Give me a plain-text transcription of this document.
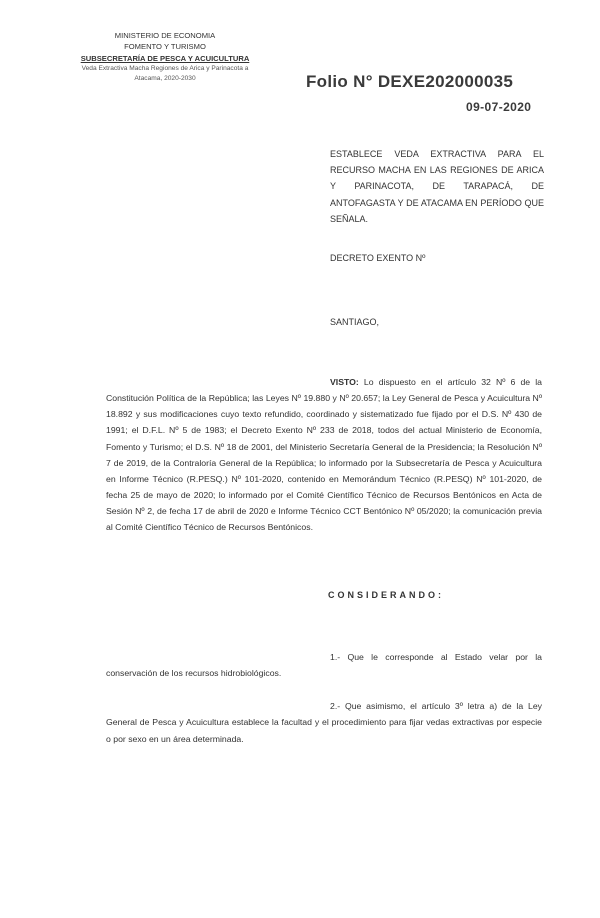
MINISTERIO DE ECONOMIA
FOMENTO Y TURISMO
SUBSECRETARÍA DE PESCA Y ACUICULTURA
Veda Extractiva Macha Regiones de Arica y Parinacota a
Atacama, 2020-2030	Folio N° DEXE202000035
09-07-2020
ESTABLECE VEDA EXTRACTIVA PARA EL RECURSO MACHA EN LAS REGIONES DE ARICA Y PARINACOTA, DE TARAPACÁ, DE ANTOFAGASTA Y DE ATACAMA EN PERÍODO QUE SEÑALA.
DECRETO EXENTO Nº
SANTIAGO,
VISTO: Lo dispuesto en el artículo 32 Nº 6 de la Constitución Política de la República; las Leyes Nº 19.880 y Nº 20.657; la Ley General de Pesca y Acuicultura Nº 18.892 y sus modificaciones cuyo texto refundido, coordinado y sistematizado fue fijado por el D.S. Nº 430 de 1991; el D.F.L. Nº 5 de 1983; el Decreto Exento Nº 233 de 2018, todos del actual Ministerio de Economía, Fomento y Turismo; el D.S. Nº 18 de 2001, del Ministerio Secretaría General de la Presidencia; la Resolución Nº 7 de 2019, de la Contraloría General de la República; lo informado por la Subsecretaría de Pesca y Acuicultura en Informe Técnico (R.PESQ.) Nº 101-2020, contenido en Memorándum Técnico (R.PESQ) Nº 101-2020, de fecha 25 de mayo de 2020; lo informado por el Comité Científico Técnico de Recursos Bentónicos en Acta de Sesión Nº 2, de fecha 17 de abril de 2020 e Informe Técnico CCT Bentónico Nº 05/2020; la comunicación previa al Comité Científico Técnico de Recursos Bentónicos.
CONSIDERANDO:
1.- Que le corresponde al Estado velar por la conservación de los recursos hidrobiológicos.
2.- Que asimismo, el artículo 3º letra a) de la Ley General de Pesca y Acuicultura establece la facultad y el procedimiento para fijar vedas extractivas por especie o por sexo en un área determinada.
